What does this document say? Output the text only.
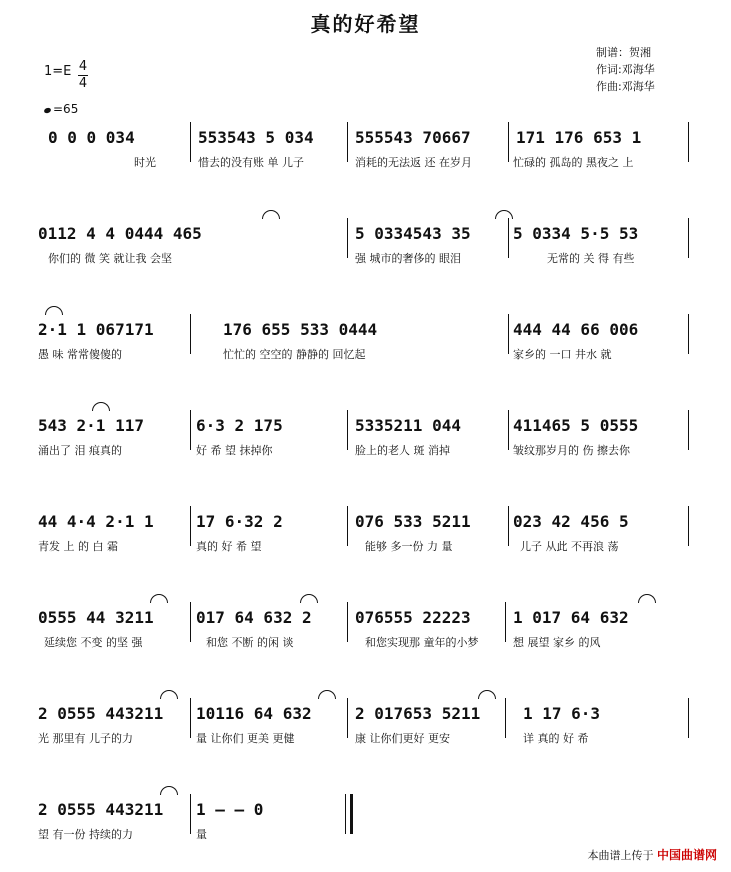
真的好希望
制谱：贺湘
作词:邓海华
作曲:邓海华
1=E 4
4
=65
0 0 0 034	553543 5 034	555543 70667	171 176 653 1
时光	惜去的没有账 单 儿子	消耗的无法返 还 在岁月	忙碌的 孤岛的 黑夜之 上
0112 4 4 0444 465	5 0334543 35	5 0334 5·5 53
你们的 微 笑 就让我 会坚	强 城市的奢侈的 眼泪	无常的 关 得 有些
2·1 1 067171	176 655 533 0444	444 44 66 006
愚 味 常常傻傻的	忙忙的 空空的 静静的 回忆起	家乡的 一口 井水 就
543 2·1 117	6·3 2 175	5335211 044	411465 5 0555
涌出了 泪 痕真的	好 希 望 抹掉你	脸上的老人 斑 消掉	皱纹那岁月的 伤 擦去你
44 4·4 2·1 1	17 6·32 2	076 533 5211	023 42 456 5
青发 上 的 白 霜	真的 好 希 望	能够 多一份 力 量	儿子 从此 不再浪 荡
0555 44 3211	017 64 632 2	076555 22223	1 017 64 632
延续您 不变 的坚 强	和您 不断 的闲 谈	和您实现那 童年的小梦	想 展望 家乡 的风
2 0555 443211 10116 64 632	2 017653 5211	1 17 6·3
光 那里有 儿子的力	量 让你们 更美 更健	康 让你们更好 更安	详 真的 好 希
2 0555 443211 1 – – 0
望 有一份 持续的力	量
本曲谱上传于 中国曲谱网
